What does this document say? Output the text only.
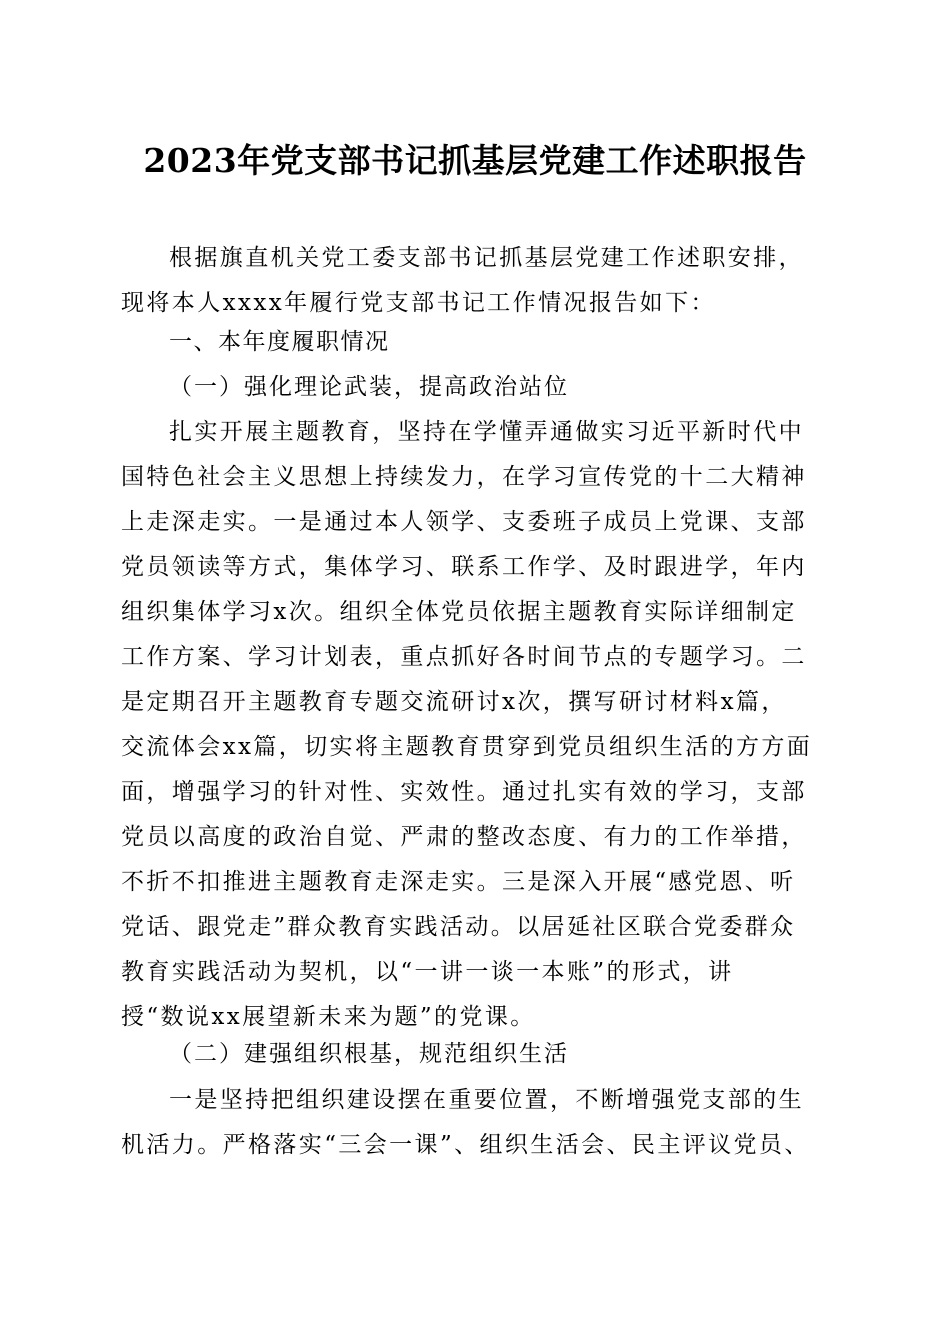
2023年党支部书记抓基层党建工作述职报告
根据旗直机关党工委支部书记抓基层党建工作述职安排，
现将本人xxxx年履行党支部书记工作情况报告如下：
一、本年度履职情况
（一）强化理论武装，提高政治站位
扎实开展主题教育，坚持在学懂弄通做实习近平新时代中
国特色社会主义思想上持续发力，在学习宣传党的十二大精神
上走深走实。一是通过本人领学、支委班子成员上党课、支部
党员领读等方式，集体学习、联系工作学、及时跟进学，年内
组织集体学习x次。组织全体党员依据主题教育实际详细制定
工作方案、学习计划表，重点抓好各时间节点的专题学习。二
是定期召开主题教育专题交流研讨x次，撰写研讨材料x篇，
交流体会xx篇，切实将主题教育贯穿到党员组织生活的方方面
面，增强学习的针对性、实效性。通过扎实有效的学习，支部
党员以高度的政治自觉、严肃的整改态度、有力的工作举措，
不折不扣推进主题教育走深走实。三是深入开展“感党恩、听
党话、跟党走”群众教育实践活动。以居延社区联合党委群众
教育实践活动为契机，以“一讲一谈一本账”的形式，讲
授“数说xx展望新未来为题”的党课。
（二）建强组织根基，规范组织生活
一是坚持把组织建设摆在重要位置，不断增强党支部的生
机活力。严格落实“三会一课”、组织生活会、民主评议党员、
